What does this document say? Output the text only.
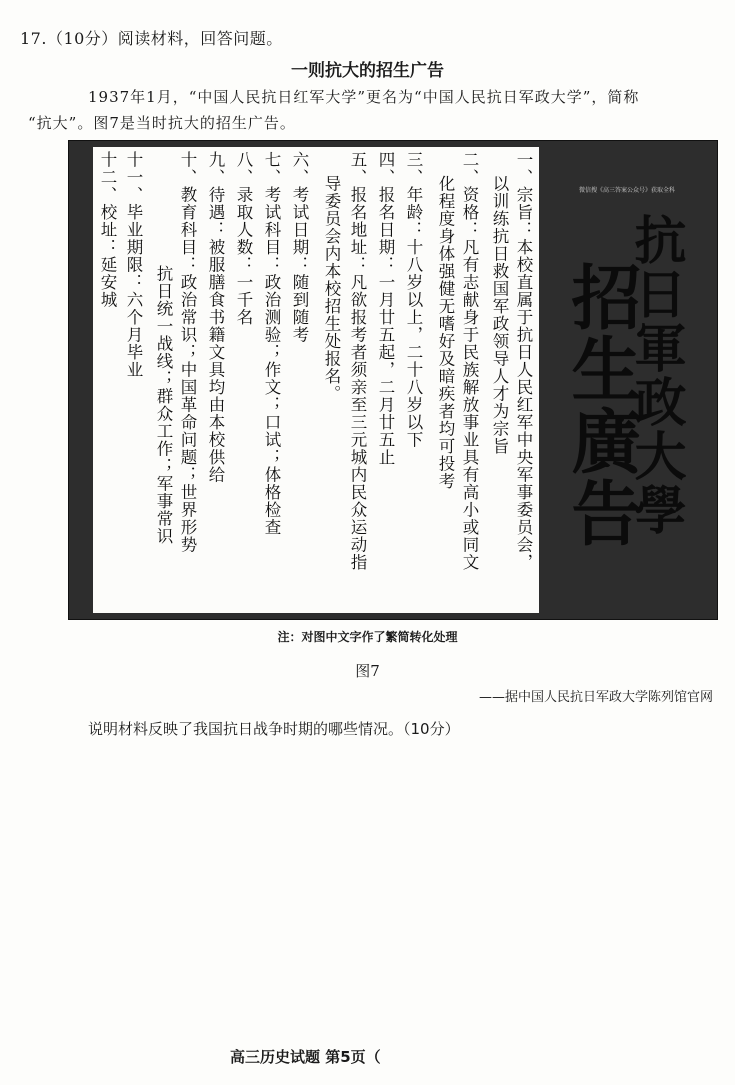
17.（10分）阅读材料，回答问题。
一则抗大的招生广告
1937年1月，“中国人民抗日红军大学”更名为“中国人民抗日军政大学”，简称
“抗大”。图7是当时抗大的招生广告。
一、宗旨：本校直属于抗日人民红军中央军事委员会，
以训练抗日救国军政领导人才为宗旨
二、资格：凡有志献身于民族解放事业具有高小或同文
化程度身体强健无嗜好及暗疾者均可投考
三、年龄：十八岁以上，二十八岁以下
四、报名日期：一月廿五起，二月廿五止
五、报名地址：凡欲报考者须亲至三元城内民众运动指
导委员会内本校招生处报名。
六、考试日期：随到随考
七、考试科目：政治测验；作文；口试；体格检查
八、录取人数：一千名
九、待遇：被服膳食书籍文具均由本校供给
十、教育科目：政治常识；中国革命问题；世界形势
抗日统一战线；群众工作；军事常识
十一、毕业期限：六个月毕业
十二、校址：延安城	微信搜《高三答案公众号》获取全科
抗日軍政大學
招生廣告
注：对图中文字作了繁简转化处理
图7
——据中国人民抗日军政大学陈列馆官网
说明材料反映了我国抗日战争时期的哪些情况。（10分）
高三历史试题 第5页（
